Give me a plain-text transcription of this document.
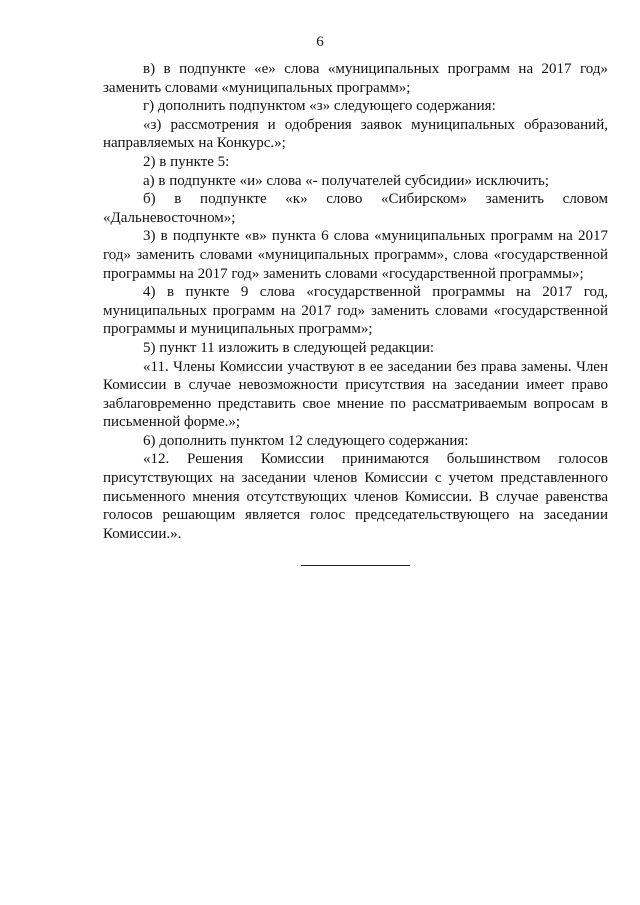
6

в) в подпункте «е» слова «муниципальных программ на 2017 год» заменить словами «муниципальных программ»;

г) дополнить подпунктом «з» следующего содержания:

«з) рассмотрения и одобрения заявок муниципальных образований, направляемых на Конкурс.»;

2) в пункте 5:

а) в подпункте «и» слова «- получателей субсидии» исключить;

б) в подпункте «к» слово «Сибирском» заменить словом «Дальневосточном»;

3) в подпункте «в» пункта 6 слова «муниципальных программ на 2017 год» заменить словами «муниципальных программ», слова «государственной программы на 2017 год» заменить словами «государственной программы»;

4) в пункте 9 слова «государственной программы на 2017 год, муниципальных программ на 2017 год» заменить словами «государственной программы и муниципальных программ»;

5) пункт 11 изложить в следующей редакции:

«11. Члены Комиссии участвуют в ее заседании без права замены. Член Комиссии в случае невозможности присутствия на заседании имеет право заблаговременно представить свое мнение по рассматриваемым вопросам в письменной форме.»;

6) дополнить пунктом 12 следующего содержания:

«12. Решения Комиссии принимаются большинством голосов присутствующих на заседании членов Комиссии с учетом представленного письменного мнения отсутствующих членов Комиссии. В случае равенства голосов решающим является голос председательствующего на заседании Комиссии.».
